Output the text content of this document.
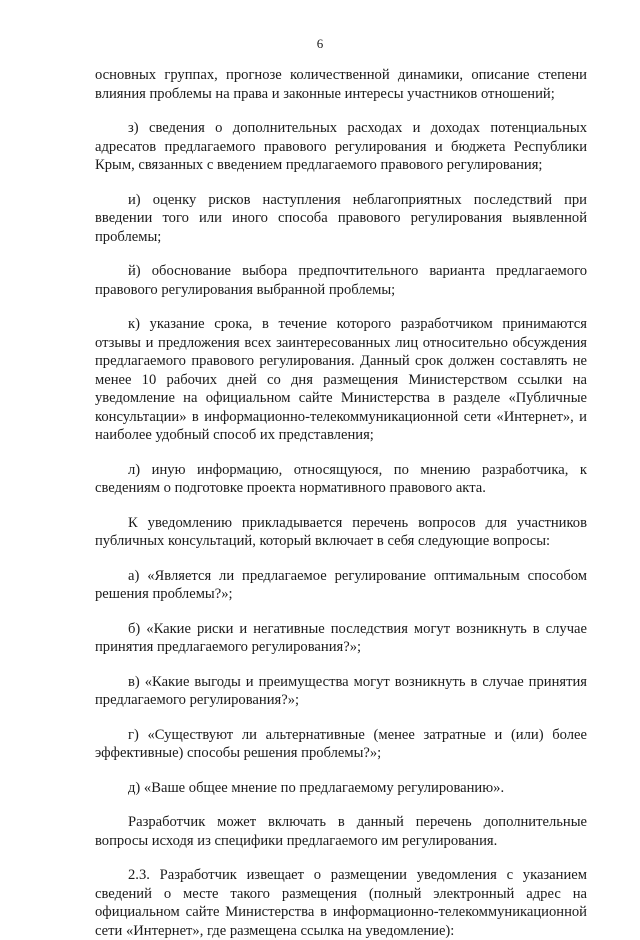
6

основных группах, прогнозе количественной динамики, описание степени влияния проблемы на права и законные интересы участников отношений;

з) сведения о дополнительных расходах и доходах потенциальных адресатов предлагаемого правового регулирования и бюджета Республики Крым, связанных с введением предлагаемого правового регулирования;

и) оценку рисков наступления неблагоприятных последствий при введении того или иного способа правового регулирования выявленной проблемы;

й) обоснование выбора предпочтительного варианта предлагаемого правового регулирования выбранной проблемы;

к) указание срока, в течение которого разработчиком принимаются отзывы и предложения всех заинтересованных лиц относительно обсуждения предлагаемого правового регулирования. Данный срок должен составлять не менее 10 рабочих дней со дня размещения Министерством ссылки на уведомление на официальном сайте Министерства в разделе «Публичные консультации» в информационно-телекоммуникационной сети «Интернет», и наиболее удобный способ их представления;

л) иную информацию, относящуюся, по мнению разработчика, к сведениям о подготовке проекта нормативного правового акта.

К уведомлению прикладывается перечень вопросов для участников публичных консультаций, который включает в себя следующие вопросы:

а) «Является ли предлагаемое регулирование оптимальным способом решения проблемы?»;

б) «Какие риски и негативные последствия могут возникнуть в случае принятия предлагаемого регулирования?»;

в) «Какие выгоды и преимущества могут возникнуть в случае принятия предлагаемого регулирования?»;

г) «Существуют ли альтернативные (менее затратные и (или) более эффективные) способы решения проблемы?»;

д) «Ваше общее мнение по предлагаемому регулированию».

Разработчик может включать в данный перечень дополнительные вопросы исходя из специфики предлагаемого им регулирования.

2.3. Разработчик извещает о размещении уведомления с указанием сведений о месте такого размещения (полный электронный адрес на официальном сайте Министерства в информационно-телекоммуникационной сети «Интернет», где размещена ссылка на уведомление):
